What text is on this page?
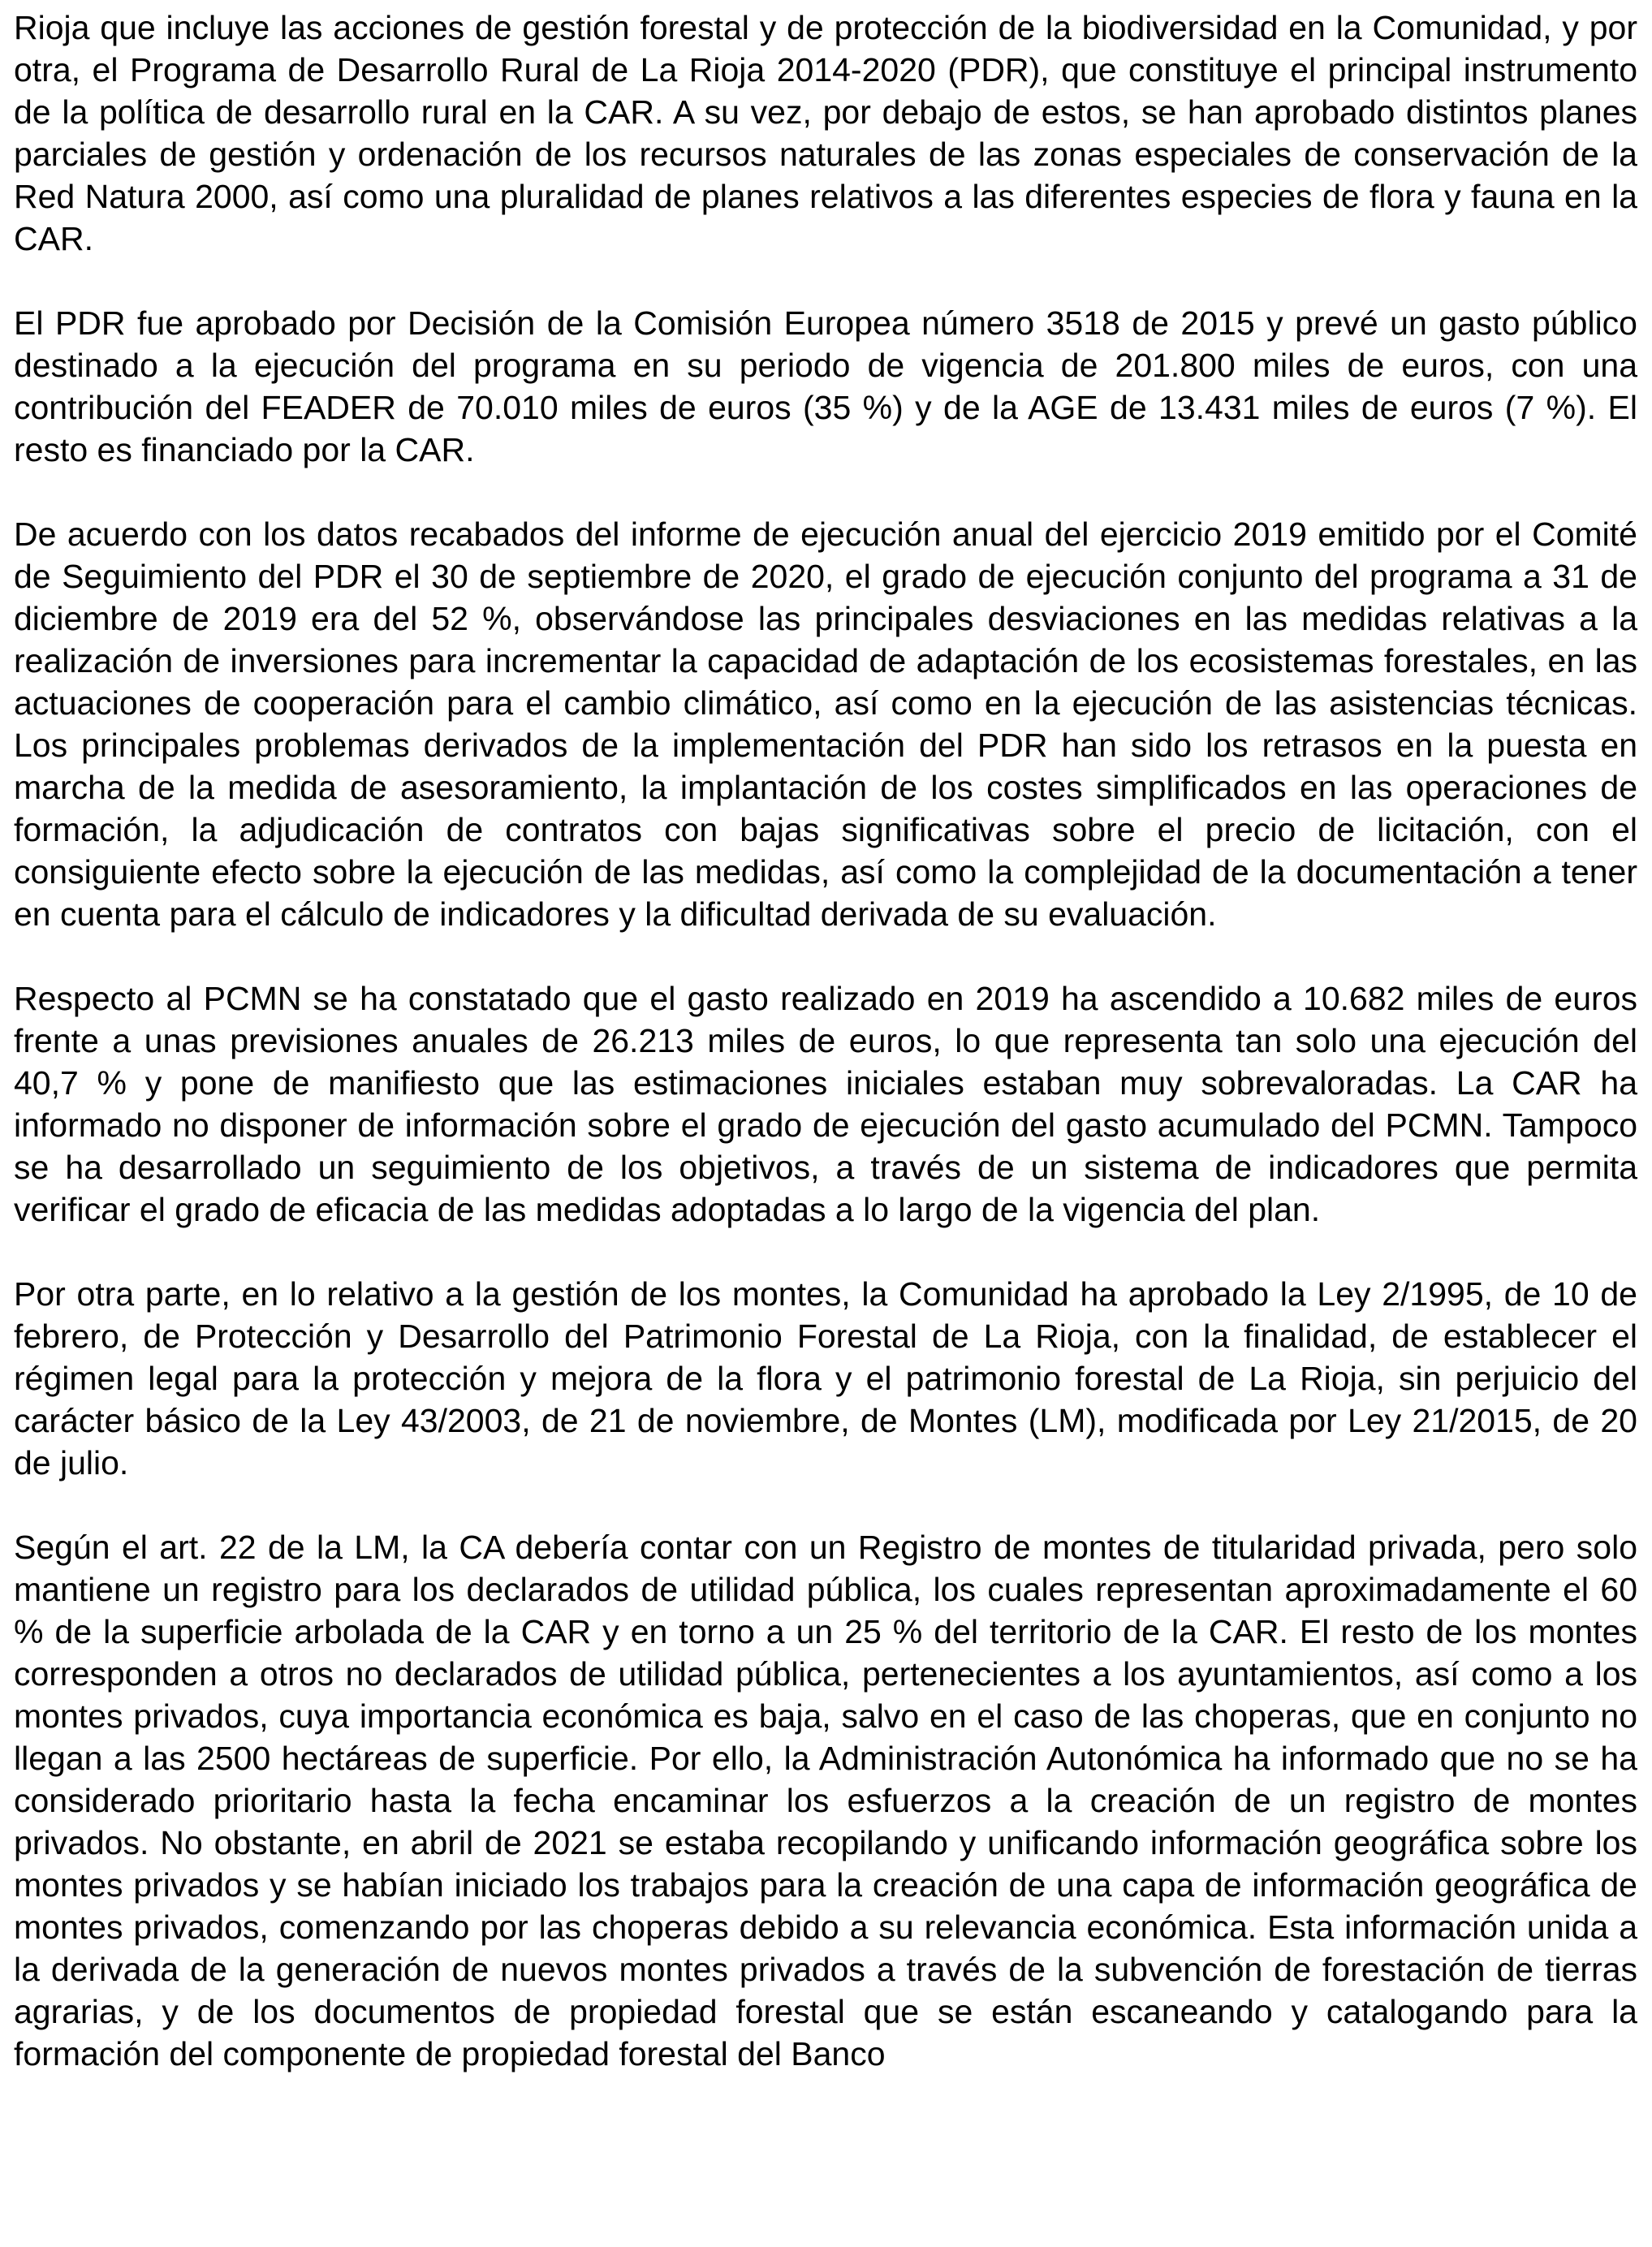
Rioja que incluye las acciones de gestión forestal y de protección de la biodiversidad en la Comunidad, y por otra, el Programa de Desarrollo Rural de La Rioja 2014-2020 (PDR), que constituye el principal instrumento de la política de desarrollo rural en la CAR. A su vez, por debajo de estos, se han aprobado distintos planes parciales de gestión y ordenación de los recursos naturales de las zonas especiales de conservación de la Red Natura 2000, así como una pluralidad de planes relativos a las diferentes especies de flora y fauna en la CAR.

El PDR fue aprobado por Decisión de la Comisión Europea número 3518 de 2015 y prevé un gasto público destinado a la ejecución del programa en su periodo de vigencia de 201.800 miles de euros, con una contribución del FEADER de 70.010 miles de euros (35 %) y de la AGE de 13.431 miles de euros (7 %). El resto es financiado por la CAR.

De acuerdo con los datos recabados del informe de ejecución anual del ejercicio 2019 emitido por el Comité de Seguimiento del PDR el 30 de septiembre de 2020, el grado de ejecución conjunto del programa a 31 de diciembre de 2019 era del 52 %, observándose las principales desviaciones en las medidas relativas a la realización de inversiones para incrementar la capacidad de adaptación de los ecosistemas forestales, en las actuaciones de cooperación para el cambio climático, así como en la ejecución de las asistencias técnicas. Los principales problemas derivados de la implementación del PDR han sido los retrasos en la puesta en marcha de la medida de asesoramiento, la implantación de los costes simplificados en las operaciones de formación, la adjudicación de contratos con bajas significativas sobre el precio de licitación, con el consiguiente efecto sobre la ejecución de las medidas, así como la complejidad de la documentación a tener en cuenta para el cálculo de indicadores y la dificultad derivada de su evaluación.

Respecto al PCMN se ha constatado que el gasto realizado en 2019 ha ascendido a 10.682 miles de euros frente a unas previsiones anuales de 26.213 miles de euros, lo que representa tan solo una ejecución del 40,7 % y pone de manifiesto que las estimaciones iniciales estaban muy sobrevaloradas. La CAR ha informado no disponer de información sobre el grado de ejecución del gasto acumulado del PCMN. Tampoco se ha desarrollado un seguimiento de los objetivos, a través de un sistema de indicadores que permita verificar el grado de eficacia de las medidas adoptadas a lo largo de la vigencia del plan.

Por otra parte, en lo relativo a la gestión de los montes, la Comunidad ha aprobado la Ley 2/1995, de 10 de febrero, de Protección y Desarrollo del Patrimonio Forestal de La Rioja, con la finalidad, de establecer el régimen legal para la protección y mejora de la flora y el patrimonio forestal de La Rioja, sin perjuicio del carácter básico de la Ley 43/2003, de 21 de noviembre, de Montes (LM), modificada por Ley 21/2015, de 20 de julio.

Según el art. 22 de la LM, la CA debería contar con un Registro de montes de titularidad privada, pero solo mantiene un registro para los declarados de utilidad pública, los cuales representan aproximadamente el 60 % de la superficie arbolada de la CAR y en torno a un 25 % del territorio de la CAR. El resto de los montes corresponden a otros no declarados de utilidad pública, pertenecientes a los ayuntamientos, así como a los montes privados, cuya importancia económica es baja, salvo en el caso de las choperas, que en conjunto no llegan a las 2500 hectáreas de superficie. Por ello, la Administración Autonómica ha informado que no se ha considerado prioritario hasta la fecha encaminar los esfuerzos a la creación de un registro de montes privados. No obstante, en abril de 2021 se estaba recopilando y unificando información geográfica sobre los montes privados y se habían iniciado los trabajos para la creación de una capa de información geográfica de montes privados, comenzando por las choperas debido a su relevancia económica. Esta información unida a la derivada de la generación de nuevos montes privados a través de la subvención de forestación de tierras agrarias, y de los documentos de propiedad forestal que se están escaneando y catalogando para la formación del componente de propiedad forestal del Banco
